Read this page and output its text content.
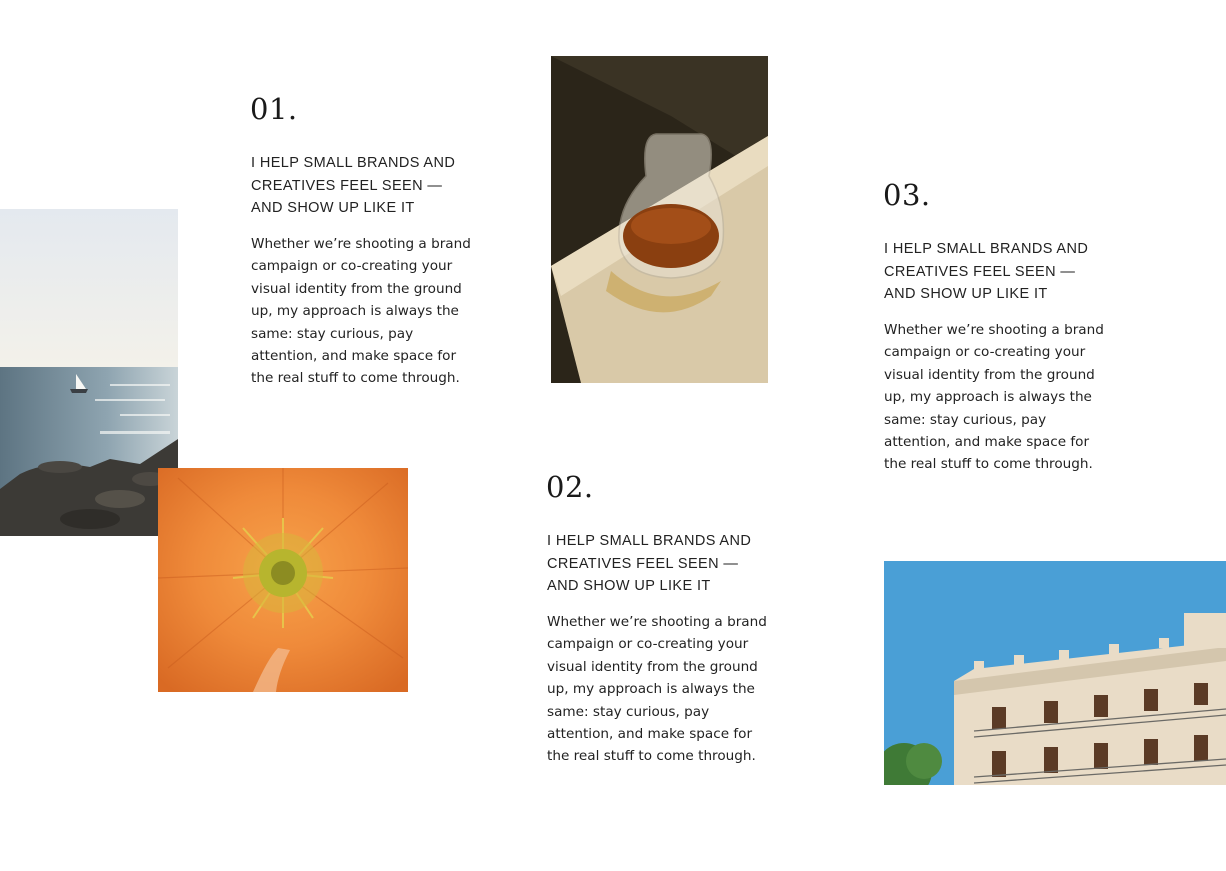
01.
I HELP SMALL BRANDS AND CREATIVES FEEL SEEN — AND SHOW UP LIKE IT
Whether we’re shooting a brand campaign or co-creating your visual identity from the ground up, my approach is always the same: stay curious, pay attention, and make space for the real stuff to come through.
02.
I HELP SMALL BRANDS AND CREATIVES FEEL SEEN — AND SHOW UP LIKE IT
Whether we’re shooting a brand campaign or co-creating your visual identity from the ground up, my approach is always the same: stay curious, pay attention, and make space for the real stuff to come through.
03.
I HELP SMALL BRANDS AND CREATIVES FEEL SEEN — AND SHOW UP LIKE IT
Whether we’re shooting a brand campaign or co-creating your visual identity from the ground up, my approach is always the same: stay curious, pay attention, and make space for the real stuff to come through.
